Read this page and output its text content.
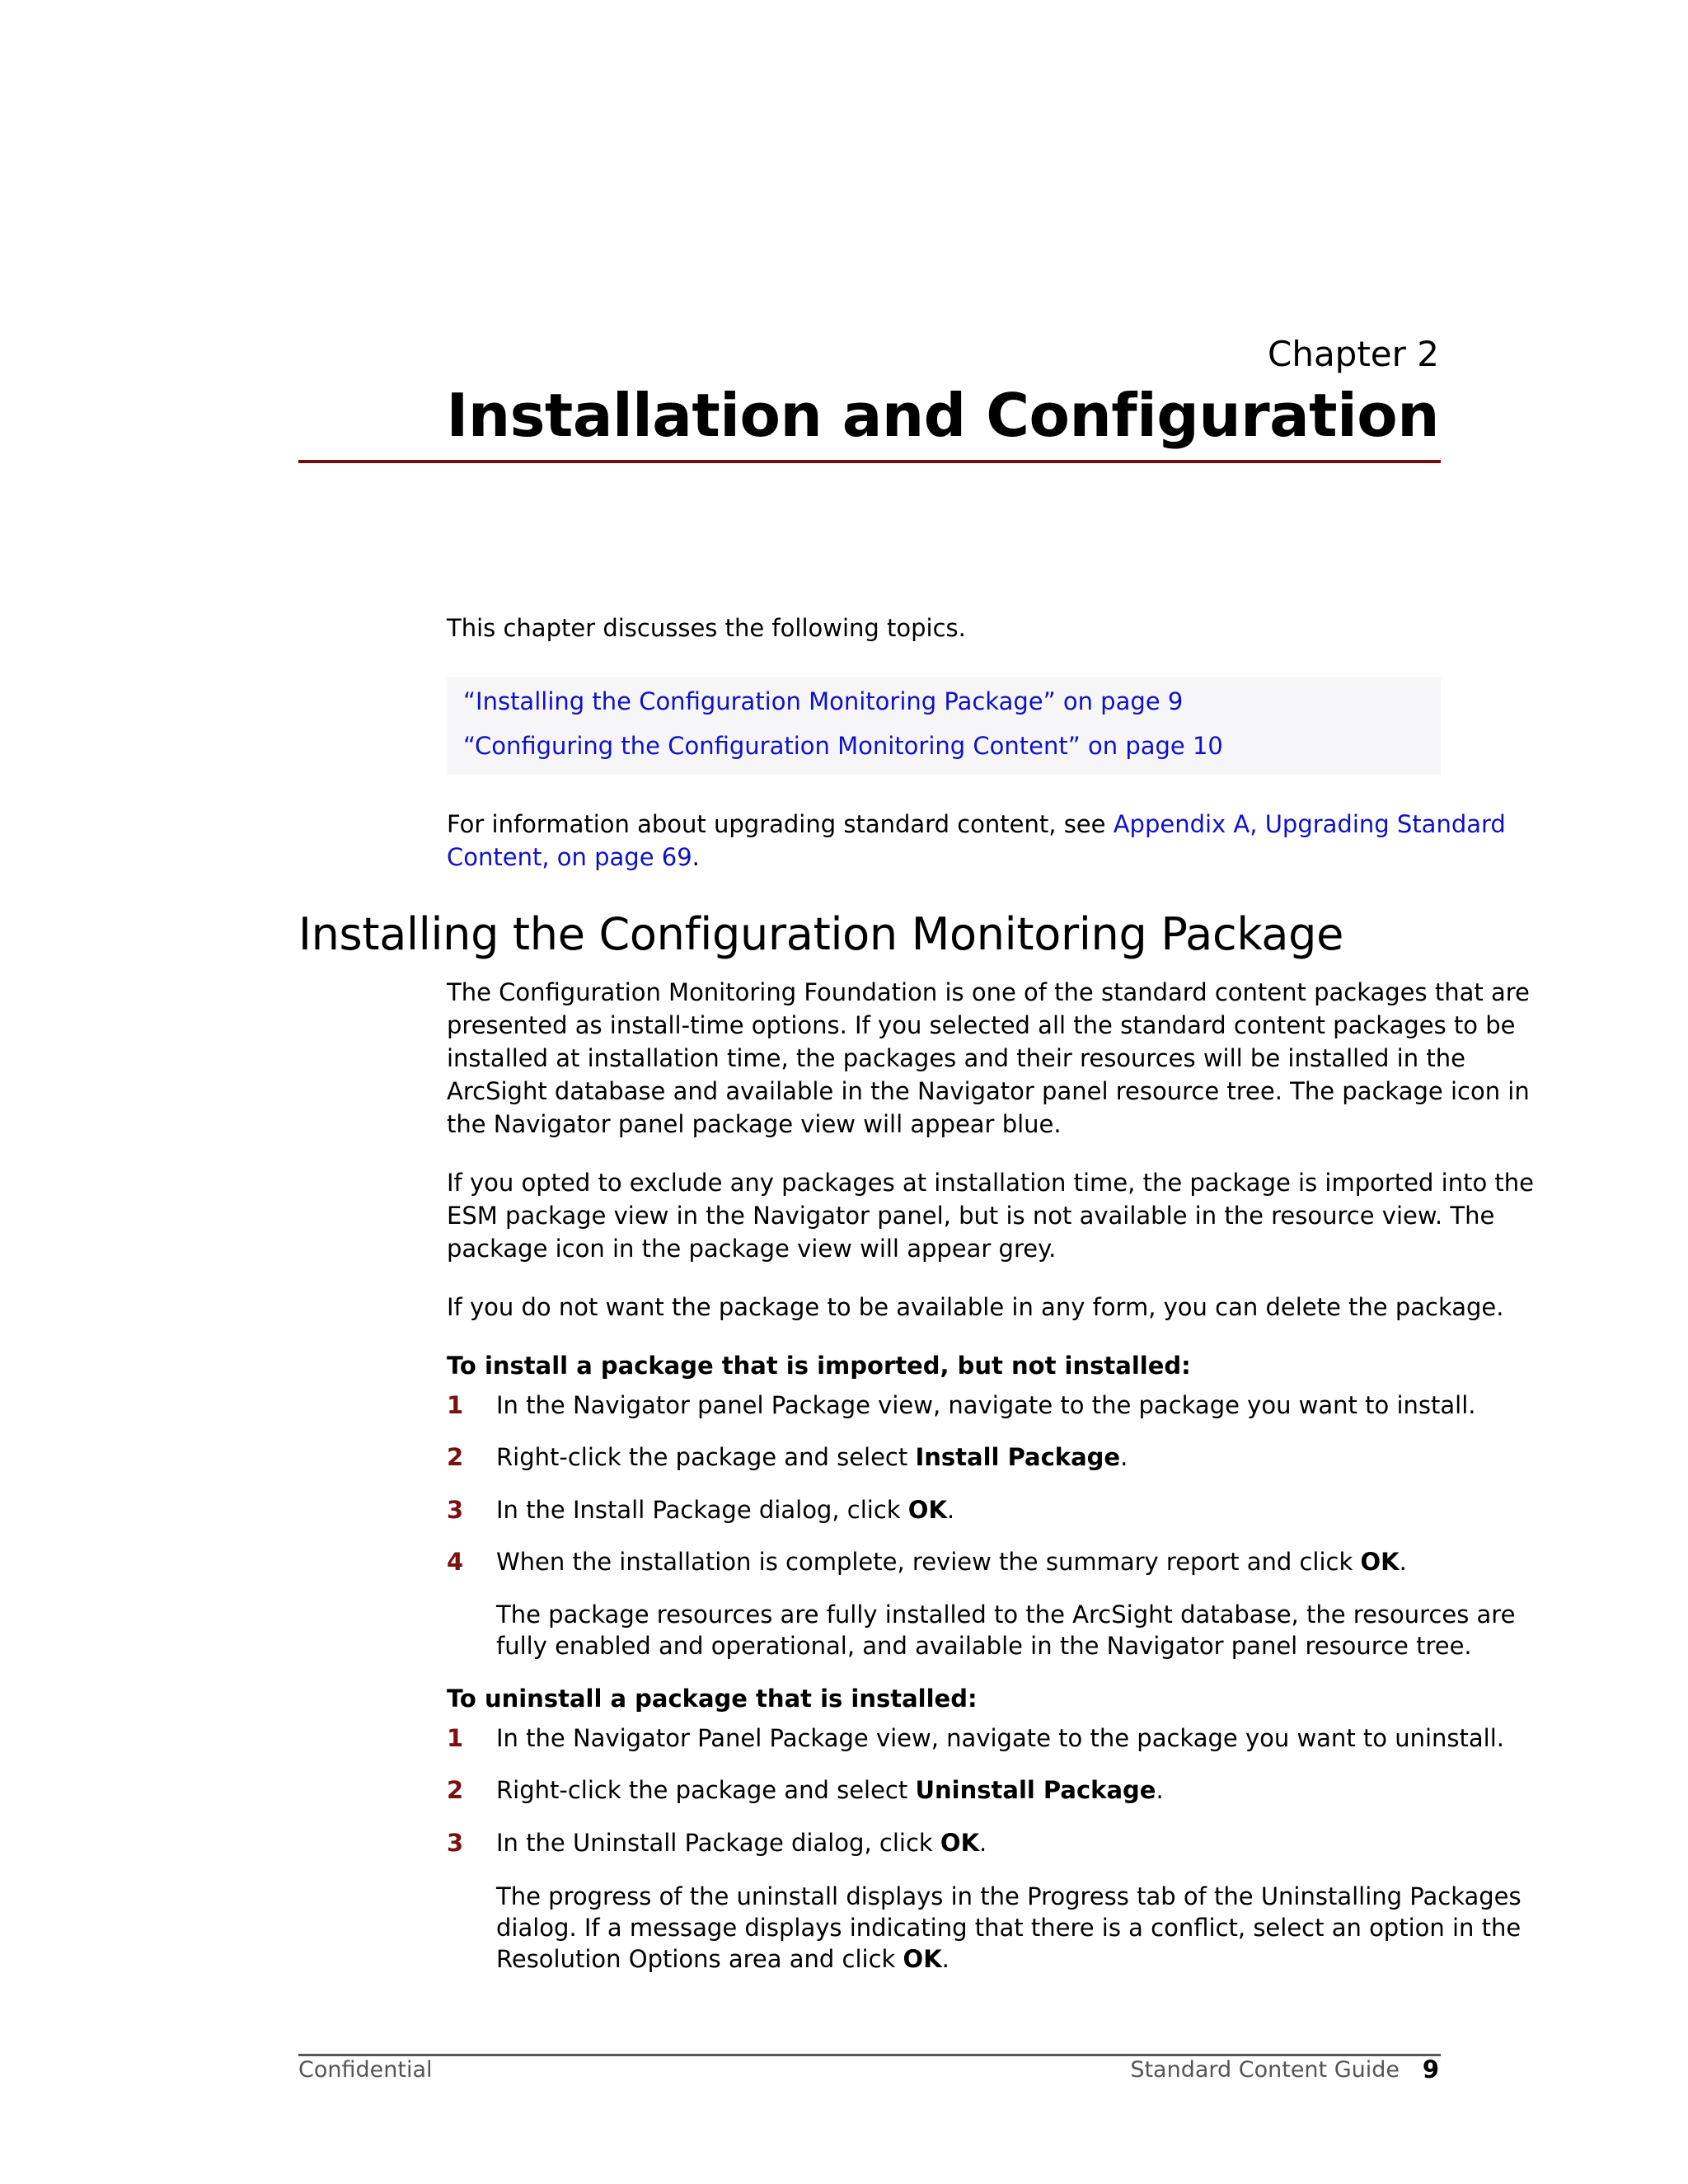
Chapter 2
Installation and Configuration
This chapter discusses the following topics.
“Installing the Configuration Monitoring Package” on page 9
“Configuring the Configuration Monitoring Content” on page 10
For information about upgrading standard content, see Appendix A, Upgrading Standard
Content, on page 69.
Installing the Configuration Monitoring Package
The Configuration Monitoring Foundation is one of the standard content packages that are
presented as install-time options. If you selected all the standard content packages to be
installed at installation time, the packages and their resources will be installed in the
ArcSight database and available in the Navigator panel resource tree. The package icon in
the Navigator panel package view will appear blue.
If you opted to exclude any packages at installation time, the package is imported into the
ESM package view in the Navigator panel, but is not available in the resource view. The
package icon in the package view will appear grey.
If you do not want the package to be available in any form, you can delete the package.
To install a package that is imported, but not installed:
1 In the Navigator panel Package view, navigate to the package you want to install.
2 Right-click the package and select Install Package.
3 In the Install Package dialog, click OK.
4 When the installation is complete, review the summary report and click OK.
The package resources are fully installed to the ArcSight database, the resources are
fully enabled and operational, and available in the Navigator panel resource tree.
To uninstall a package that is installed:
1 In the Navigator Panel Package view, navigate to the package you want to uninstall.
2 Right-click the package and select Uninstall Package.
3 In the Uninstall Package dialog, click OK.
The progress of the uninstall displays in the Progress tab of the Uninstalling Packages
dialog. If a message displays indicating that there is a conflict, select an option in the
Resolution Options area and click OK.
Confidential	Standard Content Guide 9
